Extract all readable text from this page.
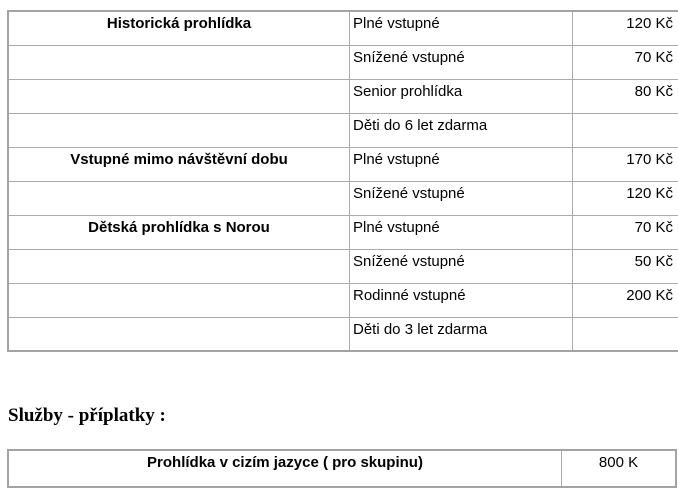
Historická prohlídka	Plné vstupné	120 Kč
	Snížené vstupné	70 Kč
	Senior prohlídka	80 Kč
	Děti do 6 let zdarma	
Vstupné mimo návštěvní dobu	Plné vstupné	170 Kč
	Snížené vstupné	120 Kč
Dětská prohlídka s Norou	Plné vstupné	70 Kč
	Snížené vstupné	50 Kč
	Rodinné vstupné	200 Kč
	Děti do 3 let zdarma	
Služby - příplatky :
Prohlídka v cizím jazyce ( pro skupinu)	800 K
